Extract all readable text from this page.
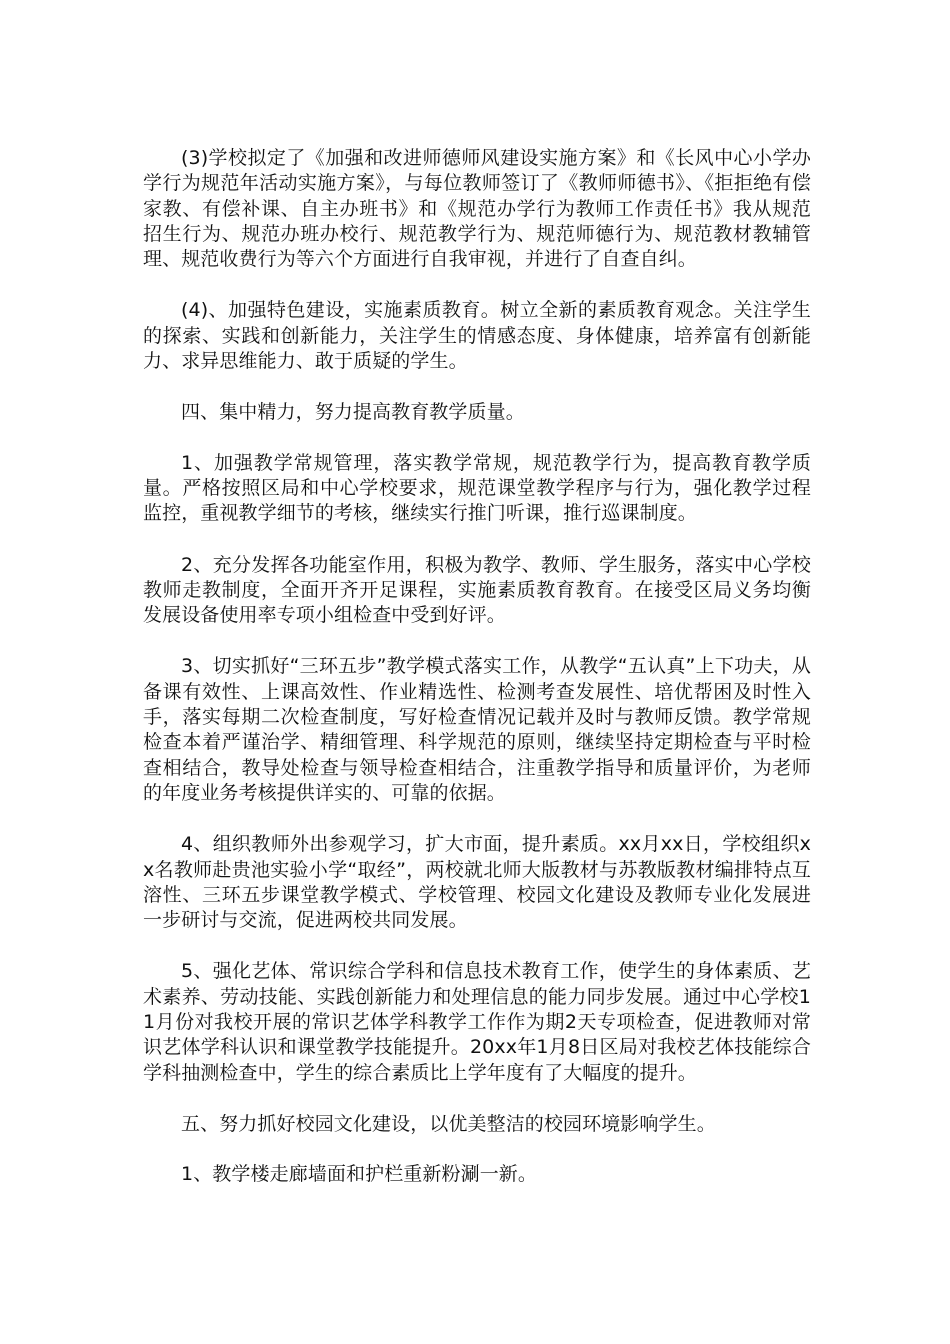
(3)学校拟定了《加强和改进师德师风建设实施方案》和《长风中心小学办学行为规范年活动实施方案》，与每位教师签订了《教师师德书》、《拒拒绝有偿家教、有偿补课、自主办班书》和《规范办学行为教师工作责任书》我从规范招生行为、规范办班办校行、规范教学行为、规范师德行为、规范教材教辅管理、规范收费行为等六个方面进行自我审视，并进行了自查自纠。

(4)、加强特色建设，实施素质教育。树立全新的素质教育观念。关注学生的探索、实践和创新能力，关注学生的情感态度、身体健康，培养富有创新能力、求异思维能力、敢于质疑的学生。

四、集中精力，努力提高教育教学质量。

1、加强教学常规管理，落实教学常规，规范教学行为，提高教育教学质量。严格按照区局和中心学校要求，规范课堂教学程序与行为，强化教学过程监控，重视教学细节的考核，继续实行推门听课，推行巡课制度。

2、充分发挥各功能室作用，积极为教学、教师、学生服务，落实中心学校教师走教制度，全面开齐开足课程，实施素质教育教育。在接受区局义务均衡发展设备使用率专项小组检查中受到好评。

3、切实抓好“三环五步”教学模式落实工作，从教学“五认真”上下功夫，从备课有效性、上课高效性、作业精选性、检测考查发展性、培优帮困及时性入手，落实每期二次检查制度，写好检查情况记载并及时与教师反馈。教学常规检查本着严谨治学、精细管理、科学规范的原则，继续坚持定期检查与平时检查相结合，教导处检查与领导检查相结合，注重教学指导和质量评价，为老师的年度业务考核提供详实的、可靠的依据。

4、组织教师外出参观学习，扩大市面，提升素质。xx月xx日，学校组织xx名教师赴贵池实验小学“取经”，两校就北师大版教材与苏教版教材编排特点互溶性、三环五步课堂教学模式、学校管理、校园文化建设及教师专业化发展进一步研讨与交流，促进两校共同发展。

5、强化艺体、常识综合学科和信息技术教育工作，使学生的身体素质、艺术素养、劳动技能、实践创新能力和处理信息的能力同步发展。通过中心学校11月份对我校开展的常识艺体学科教学工作作为期2天专项检查，促进教师对常识艺体学科认识和课堂教学技能提升。20xx年1月8日区局对我校艺体技能综合学科抽测检查中，学生的综合素质比上学年度有了大幅度的提升。

五、努力抓好校园文化建设，以优美整洁的校园环境影响学生。

1、教学楼走廊墙面和护栏重新粉涮一新。
